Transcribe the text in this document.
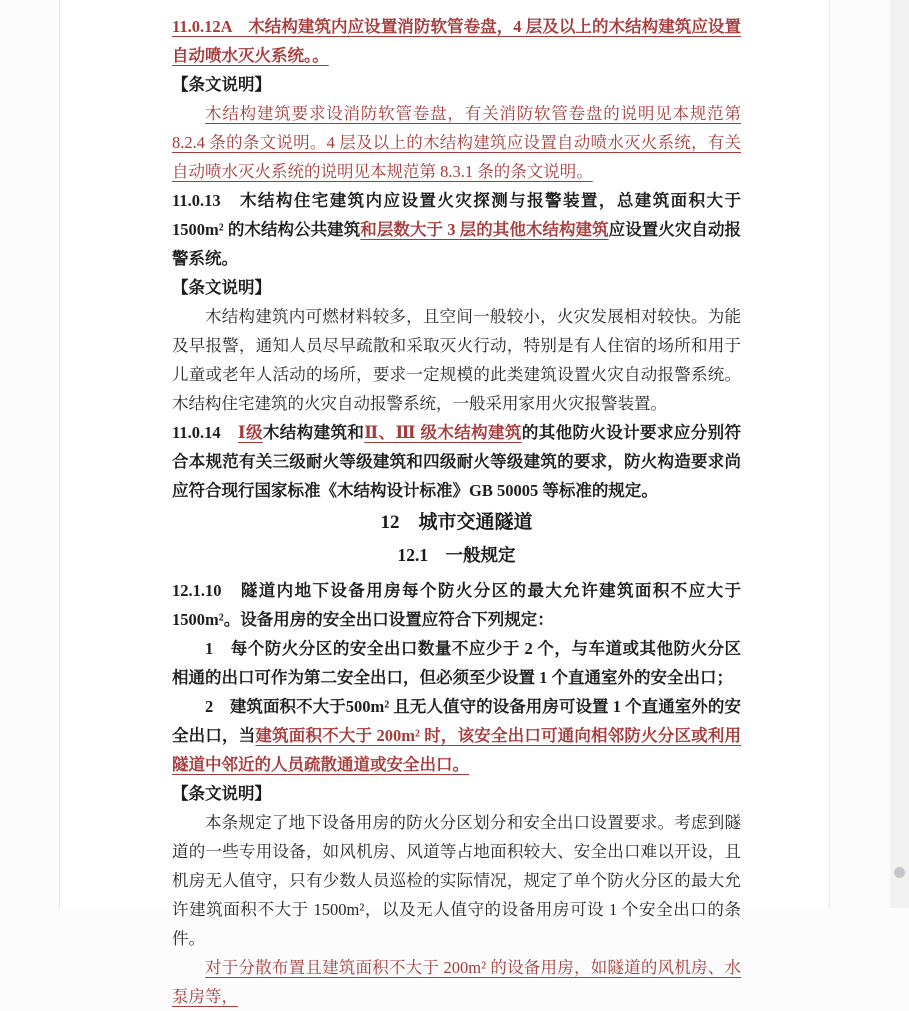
11.0.12A　木结构建筑内应设置消防软管卷盘，4 层及以上的木结构建筑应设置自动喷水灭火系统。。
【条文说明】
木结构建筑要求设消防软管卷盘，有关消防软管卷盘的说明见本规范第 8.2.4 条的条文说明。4 层及以上的木结构建筑应设置自动喷水灭火系统，有关自动喷水灭火系统的说明见本规范第 8.3.1 条的条文说明。
11.0.13　木结构住宅建筑内应设置火灾探测与报警装置，总建筑面积大于 1500m² 的木结构公共建筑和层数大于 3 层的其他木结构建筑应设置火灾自动报警系统。
【条文说明】
木结构建筑内可燃材料较多，且空间一般较小，火灾发展相对较快。为能及早报警，通知人员尽早疏散和采取灭火行动，特别是有人住宿的场所和用于儿童或老年人活动的场所，要求一定规模的此类建筑设置火灾自动报警系统。木结构住宅建筑的火灾自动报警系统，一般采用家用火灾报警装置。
11.0.14　Ⅰ级木结构建筑和Ⅱ、Ⅲ 级木结构建筑的其他防火设计要求应分别符合本规范有关三级耐火等级建筑和四级耐火等级建筑的要求，防火构造要求尚应符合现行国家标准《木结构设计标准》GB 50005 等标准的规定。
12　城市交通隧道
12.1　一般规定
12.1.10　隧道内地下设备用房每个防火分区的最大允许建筑面积不应大于 1500m²。设备用房的安全出口设置应符合下列规定：
1　每个防火分区的安全出口数量不应少于 2 个，与车道或其他防火分区相通的出口可作为第二安全出口，但必须至少设置 1 个直通室外的安全出口；
2　建筑面积不大于500m² 且无人值守的设备用房可设置 1 个直通室外的安全出口，当建筑面积不大于 200m² 时，该安全出口可通向相邻防火分区或利用隧道中邻近的人员疏散通道或安全出口。
【条文说明】
本条规定了地下设备用房的防火分区划分和安全出口设置要求。考虑到隧道的一些专用设备，如风机房、风道等占地面积较大、安全出口难以开设，且机房无人值守，只有少数人员巡检的实际情况，规定了单个防火分区的最大允许建筑面积不大于 1500m²，以及无人值守的设备用房可设 1 个安全出口的条件。
对于分散布置且建筑面积不大于 200m² 的设备用房，如隧道的风机房、水泵房等，
